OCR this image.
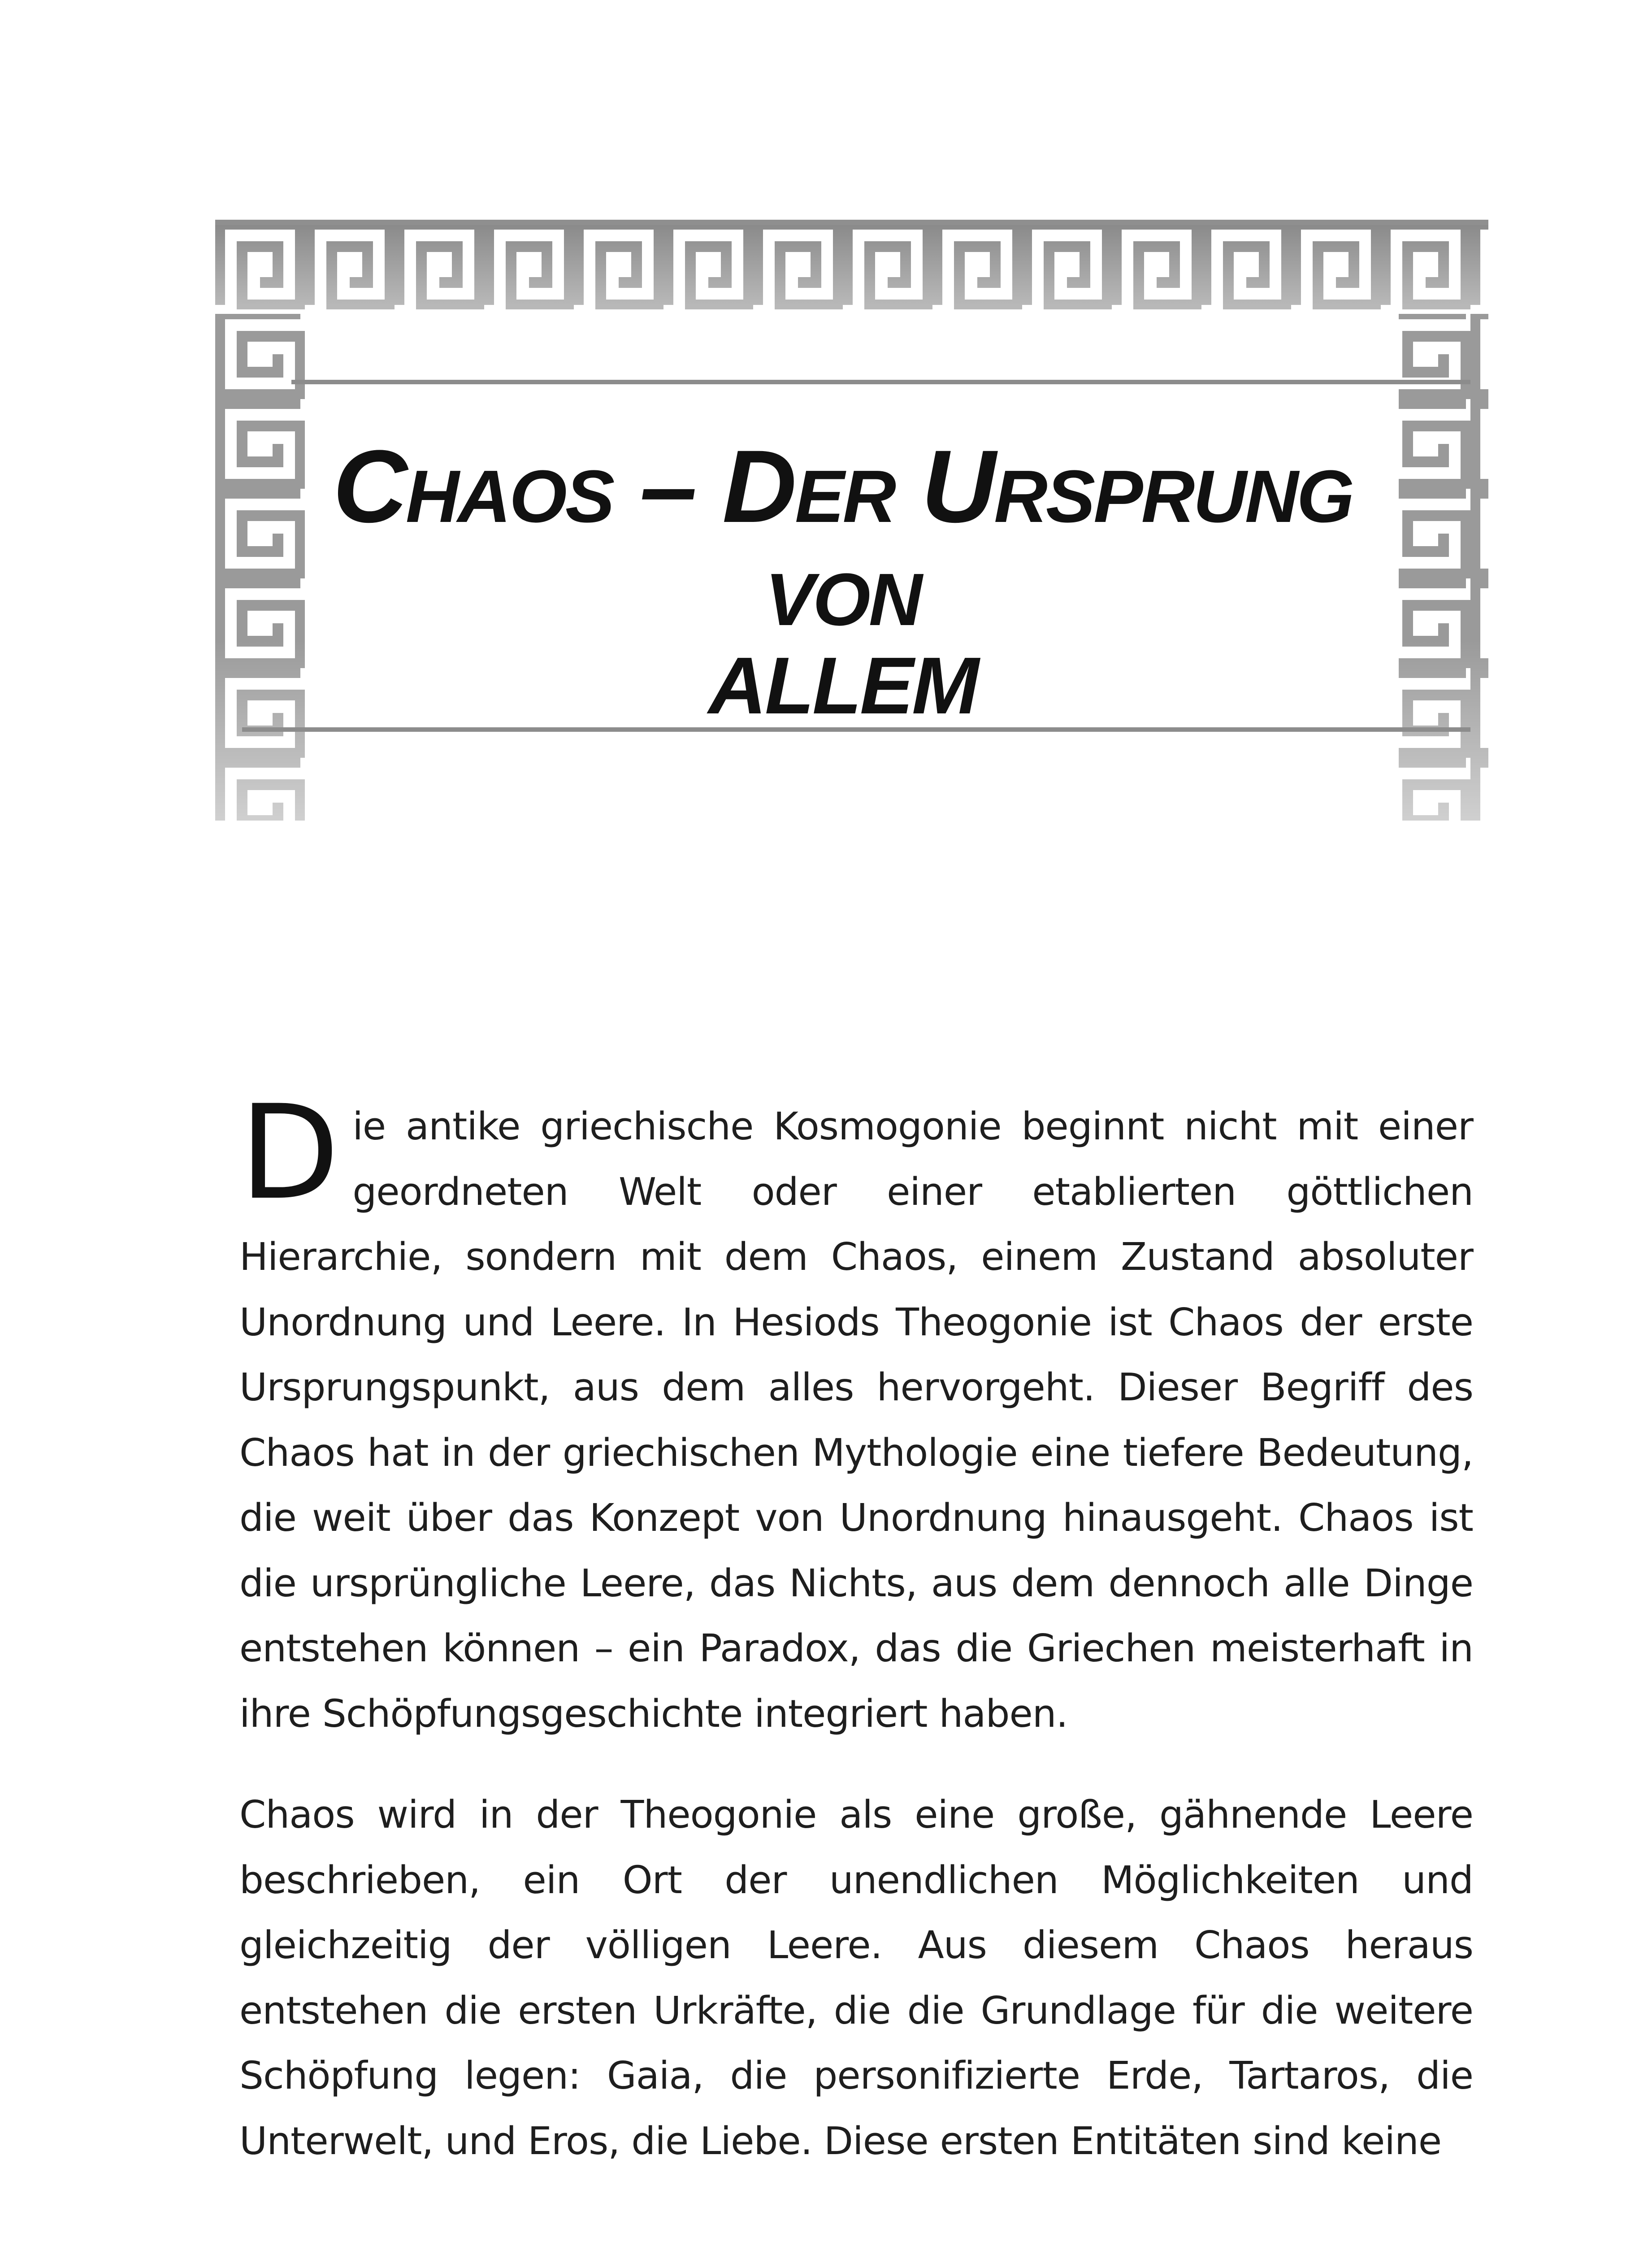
CHAOS – DER URSPRUNG VON
ALLEM

Die antike griechische Kosmogonie beginnt nicht mit einer geordneten Welt oder einer etablierten göttlichen Hierarchie, sondern mit dem Chaos, einem Zustand absoluter Unordnung und Leere. In Hesiods Theogonie ist Chaos der erste Ursprungspunkt, aus dem alles hervorgeht. Dieser Begriff des Chaos hat in der griechischen Mythologie eine tiefere Bedeutung, die weit über das Konzept von Unordnung hinausgeht. Chaos ist die ursprüngliche Leere, das Nichts, aus dem dennoch alle Dinge entstehen können – ein Paradox, das die Griechen meisterhaft in ihre Schöpfungsgeschichte integriert haben.

Chaos wird in der Theogonie als eine große, gähnende Leere beschrieben, ein Ort der unendlichen Möglichkeiten und gleichzeitig der völligen Leere. Aus diesem Chaos heraus entstehen die ersten Urkräfte, die die Grundlage für die weitere Schöpfung legen: Gaia, die personifizierte Erde, Tartaros, die Unterwelt, und Eros, die Liebe. Diese ersten Entitäten sind keine
